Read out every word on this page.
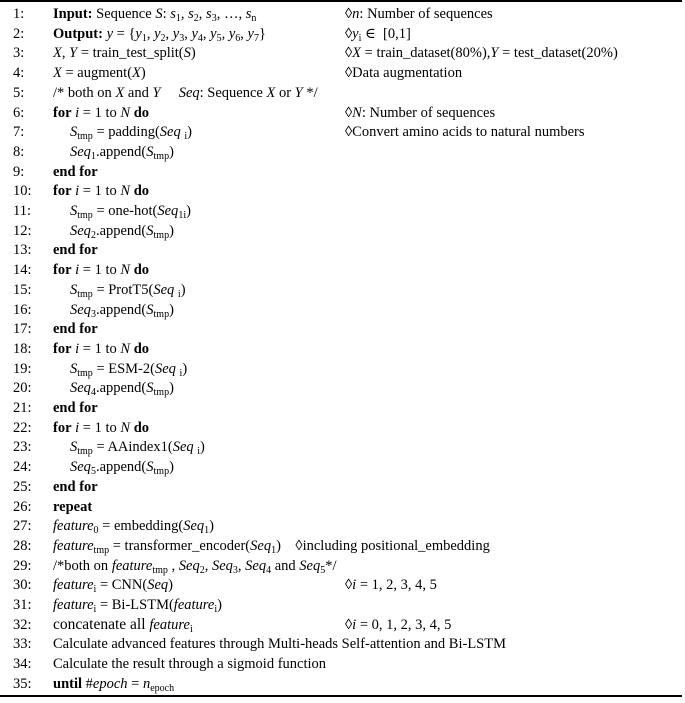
1:	Input: Sequence S: $s_1$, $s_2$, $s_3$, …, $s_n$	◊n: Number of sequences
2:	Output: $y = \{y_1$, $y_2$, $y_3$, $y_4$, $y_5$, $y_6$, $y_7$}	$◊y_i$ ∈  [0,1]
3:	X, Y = train_test_split(S)	◊X = train_dataset(80%),Y = test_dataset(20%)
4:	X = augment(X)	◊Data augmentation
5:	/* both on X and Y Seq: Sequence X or Y */
6:	for i = 1 to N do	◊N: Number of sequences
7:	$S_{tmp}$ = padding(Seq $_i$)	◊Convert amino acids to natural numbers
8:	$Seq_1.append(S_{tmp})$
9:	end for
10:	for i = 1 to N do
11:	$S_{tmp} = one-hot(Seq_{1i})$
12:	$Seq_2.append(S_{tmp})$
13:	end for
14:	for i = 1 to N do
15:	$S_{tmp}$ = ProtT5(Seq $_i$)
16:	$Seq_3.append(S_{tmp})$
17:	end for
18:	for i = 1 to N do
19:	$S_{tmp} = ESM-2(Seq$ $_i$)
20:	$Seq_4.append(S_{tmp})$
21:	end for
22:	for i = 1 to N do
23:	$S_{tmp}$ = AAindex1(Seq $_i$)
24:	$Seq_5.append(S_{tmp})$
25:	end for
26:	repeat
27:	feature$_0$ = embedding(Seq$_1$)
28:	feature$_{tmp}$ = transformer_encoder(Seq$_1$)    ◊including positional_embedding
29:	/*both on feature$_{tmp}$ , Seq$_2$, Seq$_3$, Seq$_4$ and Seq$_5$*/
30:	feature$_i$ = CNN(Seq)	◊i = 1, 2, 3, 4, 5
31:	feature$_i$ = Bi-LSTM(feature$_i$)
32:	concatenate all feature$_i$	◊i = 0, 1, 2, 3, 4, 5
33:	Calculate advanced features through Multi-heads Self-attention and Bi-LSTM
34:	Calculate the result through a sigmoid function
35:	until #epoch = $n_{epoch}$
